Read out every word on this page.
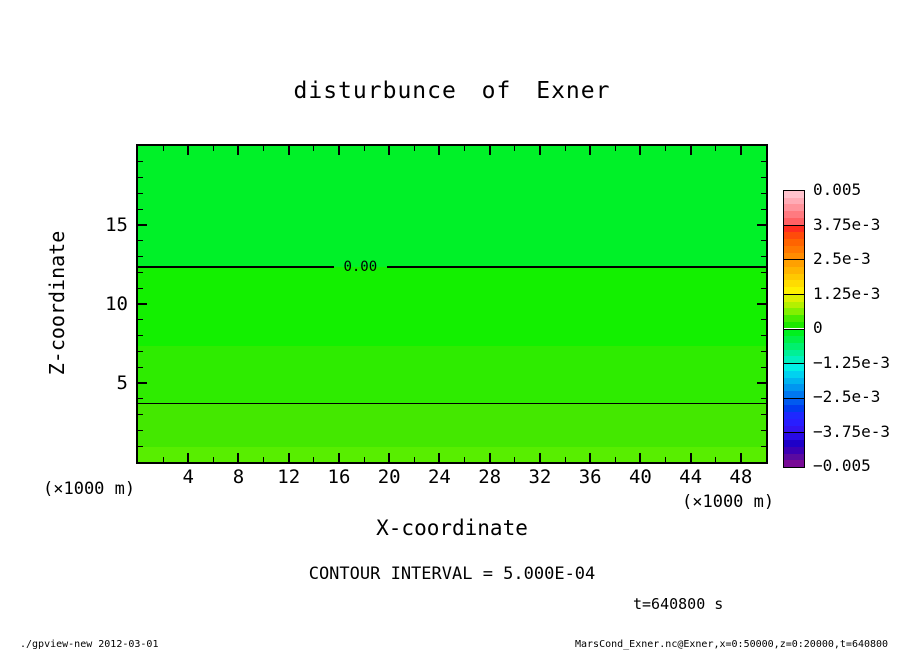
disturbunce of Exner
Z-coordinate	0.00
4	8	12	16	20	24	28	32	36	40	44	48
5
10
15
(×1000 m)
(×1000 m)
X-coordinate
CONTOUR INTERVAL = 5.000E-04
t=640800 s
0.005
3.75e-3
2.5e-3
1.25e-3
0
−1.25e-3
−2.5e-3
−3.75e-3
−0.005
./gpview-new 2012-03-01	MarsCond_Exner.nc@Exner,x=0:50000,z=0:20000,t=640800
